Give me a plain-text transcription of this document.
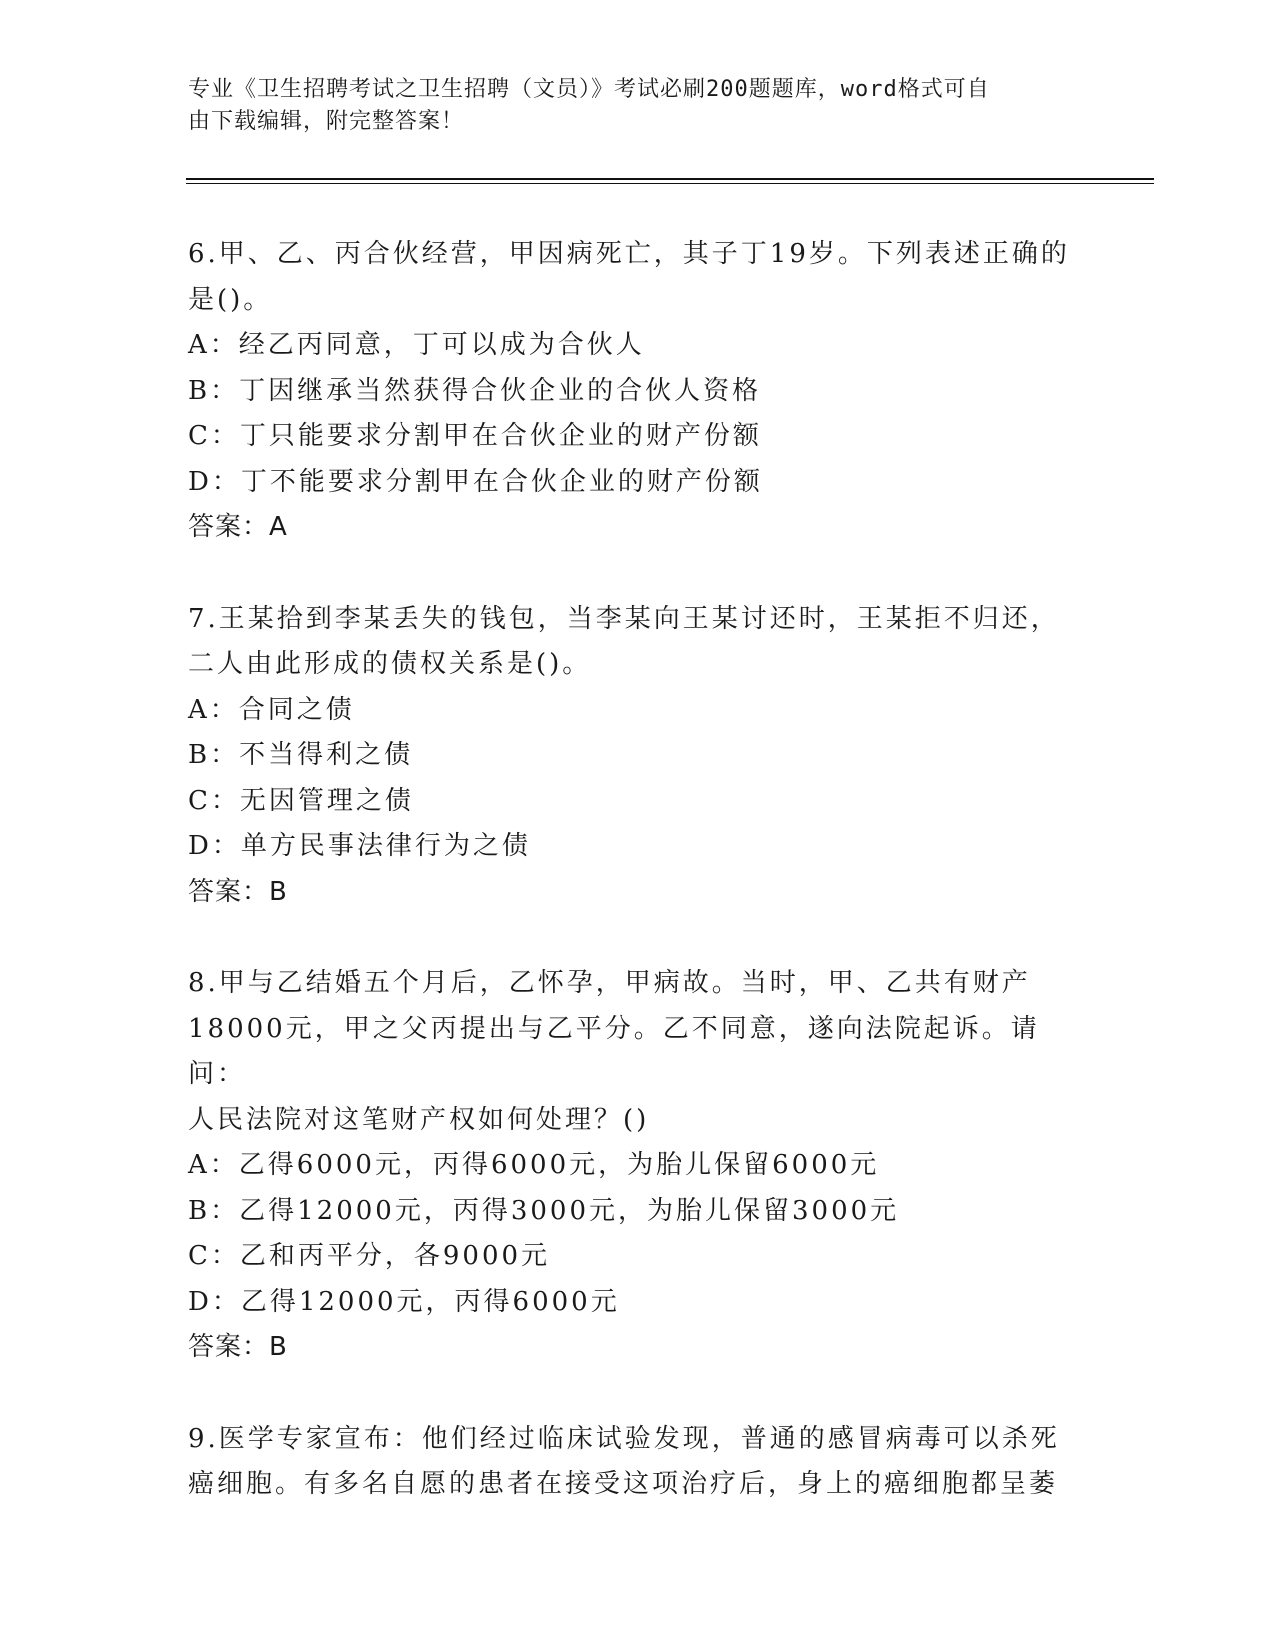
专业《卫生招聘考试之卫生招聘（文员）》考试必刷200题题库，word格式可自
由下载编辑，附完整答案！

6.甲、乙、丙合伙经营，甲因病死亡，其子丁19岁。下列表述正确的

是()。

A：经乙丙同意，丁可以成为合伙人

B：丁因继承当然获得合伙企业的合伙人资格

C：丁只能要求分割甲在合伙企业的财产份额

D：丁不能要求分割甲在合伙企业的财产份额

答案：A

7.王某拾到李某丢失的钱包，当李某向王某讨还时，王某拒不归还，

二人由此形成的债权关系是()。

A：合同之债

B：不当得利之债

C：无因管理之债

D：单方民事法律行为之债

答案：B

8.甲与乙结婚五个月后，乙怀孕，甲病故。当时，甲、乙共有财产

18000元，甲之父丙提出与乙平分。乙不同意，遂向法院起诉。请问：

人民法院对这笔财产权如何处理？()

A：乙得6000元，丙得6000元，为胎儿保留6000元

B：乙得12000元，丙得3000元，为胎儿保留3000元

C：乙和丙平分，各9000元

D：乙得12000元，丙得6000元

答案：B

9.医学专家宣布：他们经过临床试验发现，普通的感冒病毒可以杀死

癌细胞。有多名自愿的患者在接受这项治疗后，身上的癌细胞都呈萎
